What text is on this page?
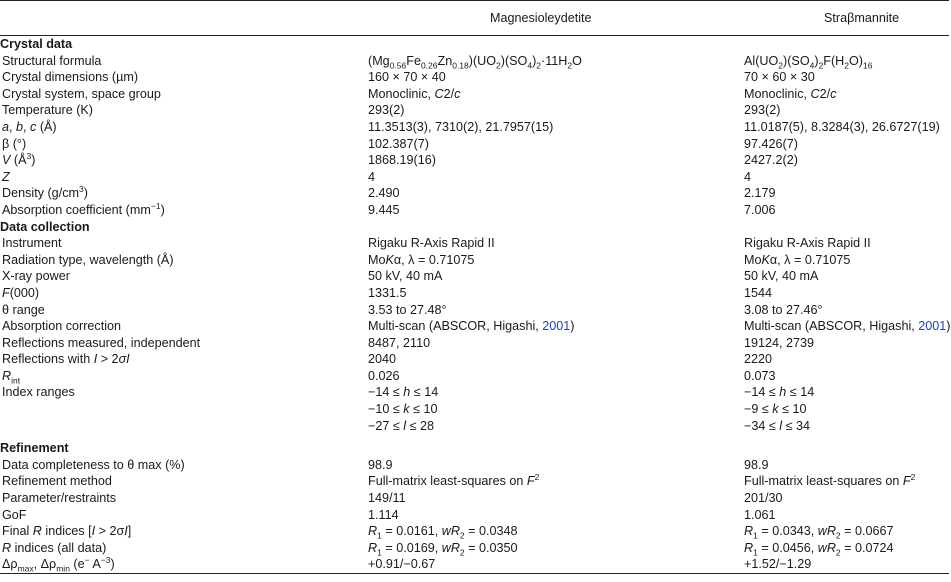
	Magnesioleydetite	Straβmannite
Crystal data		
Structural formula	$(Mg_{0.56}Fe_{0.26}Zn_{0.18})(UO_2)(SO_4)_2\cdot 11H_2O$	$Al(UO_2)(SO_4)_2F(H_2O)_{16}$
Crystal dimensions (µm)	160 × 70 × 40	70 × 60 × 30
Crystal system, space group	Monoclinic, C2/c	Monoclinic, C2/c
Temperature (K)	293(2)	293(2)
a, b, c (Å)	11.3513(3), 7310(2), 21.7957(15)	11.0187(5), 8.3284(3), 26.6727(19)
β (°)	102.387(7)	97.426(7)
V $(Å^3)$	1868.19(16)	2427.2(2)
Z	4	4
Density $(g/cm^3)$	2.490	2.179
Absorption coefficient $(mm^{-1})$	9.445	7.006
Data collection		
Instrument	Rigaku R-Axis Rapid II	Rigaku R-Axis Rapid II
Radiation type, wavelength (Å)	MoKα, λ = 0.71075	MoKα, λ = 0.71075
X-ray power	50 kV, 40 mA	50 kV, 40 mA
F(000)	1331.5	1544
θ range	3.53 to 27.48°	3.08 to 27.46°
Absorption correction	Multi-scan (ABSCOR, Higashi, 2001)	Multi-scan (ABSCOR, Higashi, 2001)
Reflections measured, independent	8487, 2110	19124, 2739
Reflections with I > 2σI	2040	2220
$R_{int}$	0.026	0.073
Index ranges	−14 ≤ h ≤ 14	−14 ≤ h ≤ 14
	−10 ≤ k ≤ 10	−9 ≤ k ≤ 10
	−27 ≤ l ≤ 28	−34 ≤ l ≤ 34

Refinement		
Data completeness to θ max (%)	98.9	98.9
Refinement method	Full-matrix least-squares on $F^2$	Full-matrix least-squares on $F^2$
Parameter/restraints	149/11	201/30
GoF	1.114	1.061
Final R indices [I > 2σI]	$R_1 = 0.0161$, $wR_2 = 0.0348$	$R_1 = 0.0343$, $wR_2 = 0.0667$
R indices (all data)	$R_1 = 0.0169$, $wR_2 = 0.0350$	$R_1 = 0.0456$, $wR_2 = 0.0724$
$\Delta\rho_{max}$, $\Delta\rho_{min}$ (e− $A^{-3}$)	+0.91/−0.67	+1.52/−1.29
